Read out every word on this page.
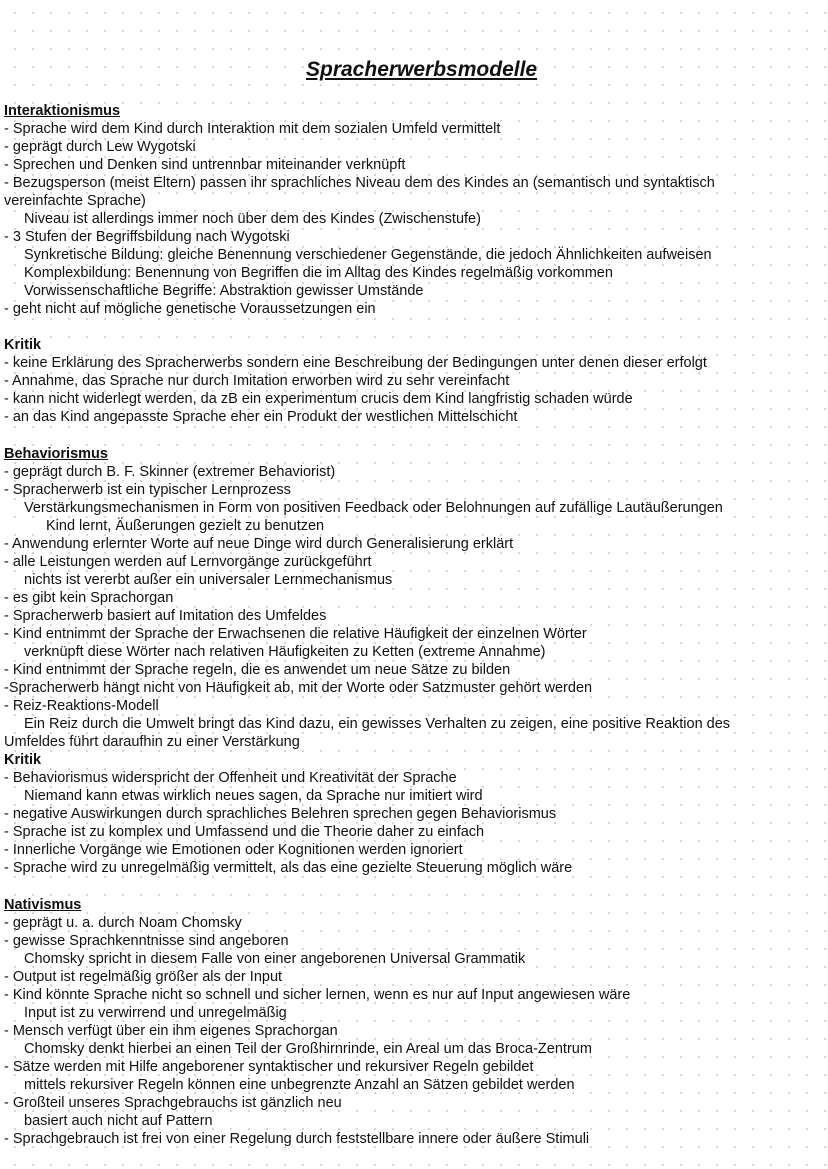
Spracherwerbsmodelle

Interaktionismus

- Sprache wird dem Kind durch Interaktion mit dem sozialen Umfeld vermittelt

- geprägt durch Lew Wygotski

- Sprechen und Denken sind untrennbar miteinander verknüpft

- Bezugsperson (meist Eltern) passen ihr sprachliches Niveau dem des Kindes an (semantisch und syntaktisch

vereinfachte Sprache)

Niveau ist allerdings immer noch über dem des Kindes (Zwischenstufe)

- 3 Stufen der Begriffsbildung nach Wygotski

Synkretische Bildung: gleiche Benennung verschiedener Gegenstände, die jedoch Ähnlichkeiten aufweisen

Komplexbildung: Benennung von Begriffen die im Alltag des Kindes regelmäßig vorkommen

Vorwissenschaftliche Begriffe: Abstraktion gewisser Umstände

- geht nicht auf mögliche genetische Voraussetzungen ein

Kritik

- keine Erklärung des Spracherwerbs sondern eine Beschreibung der Bedingungen unter denen dieser erfolgt

- Annahme, das Sprache nur durch Imitation erworben wird zu sehr vereinfacht

- kann nicht widerlegt werden, da zB ein experimentum crucis dem Kind langfristig schaden würde

- an das Kind angepasste Sprache eher ein Produkt der westlichen Mittelschicht

Behaviorismus

- geprägt durch B. F. Skinner (extremer Behaviorist)

- Spracherwerb ist ein typischer Lernprozess

Verstärkungsmechanismen in Form von positiven Feedback oder Belohnungen auf zufällige Lautäußerungen

Kind lernt, Äußerungen gezielt zu benutzen

- Anwendung erlernter Worte auf neue Dinge wird durch Generalisierung erklärt

- alle Leistungen werden auf Lernvorgänge zurückgeführt

nichts ist vererbt außer ein universaler Lernmechanismus

- es gibt kein Sprachorgan

- Spracherwerb basiert auf Imitation des Umfeldes

- Kind entnimmt der Sprache der Erwachsenen die relative Häufigkeit der einzelnen Wörter

verknüpft diese Wörter nach relativen Häufigkeiten zu Ketten (extreme Annahme)

- Kind entnimmt der Sprache regeln, die es anwendet um neue Sätze zu bilden

-Spracherwerb hängt nicht von Häufigkeit ab, mit der Worte oder Satzmuster gehört werden

- Reiz-Reaktions-Modell

Ein Reiz durch die Umwelt bringt das Kind dazu, ein gewisses Verhalten zu zeigen, eine positive Reaktion des

Umfeldes führt daraufhin zu einer Verstärkung

Kritik

- Behaviorismus widerspricht der Offenheit und Kreativität der Sprache

Niemand kann etwas wirklich neues sagen, da Sprache nur imitiert wird

- negative Auswirkungen durch sprachliches Belehren sprechen gegen Behaviorismus

- Sprache ist zu komplex und Umfassend und die Theorie daher zu einfach

- Innerliche Vorgänge wie Emotionen oder Kognitionen werden ignoriert

- Sprache wird zu unregelmäßig vermittelt, als das eine gezielte Steuerung möglich wäre

Nativismus

- geprägt u. a. durch Noam Chomsky

- gewisse Sprachkenntnisse sind angeboren

Chomsky spricht in diesem Falle von einer angeborenen Universal Grammatik

- Output ist regelmäßig größer als der Input

- Kind könnte Sprache nicht so schnell und sicher lernen, wenn es nur auf Input angewiesen wäre

Input ist zu verwirrend und unregelmäßig

- Mensch verfügt über ein ihm eigenes Sprachorgan

Chomsky denkt hierbei an einen Teil der Großhirnrinde, ein Areal um das Broca-Zentrum

- Sätze werden mit Hilfe angeborener syntaktischer und rekursiver Regeln gebildet

mittels rekursiver Regeln können eine unbegrenzte Anzahl an Sätzen gebildet werden

- Großteil unseres Sprachgebrauchs ist gänzlich neu

basiert auch nicht auf Pattern

- Sprachgebrauch ist frei von einer Regelung durch feststellbare innere oder äußere Stimuli
